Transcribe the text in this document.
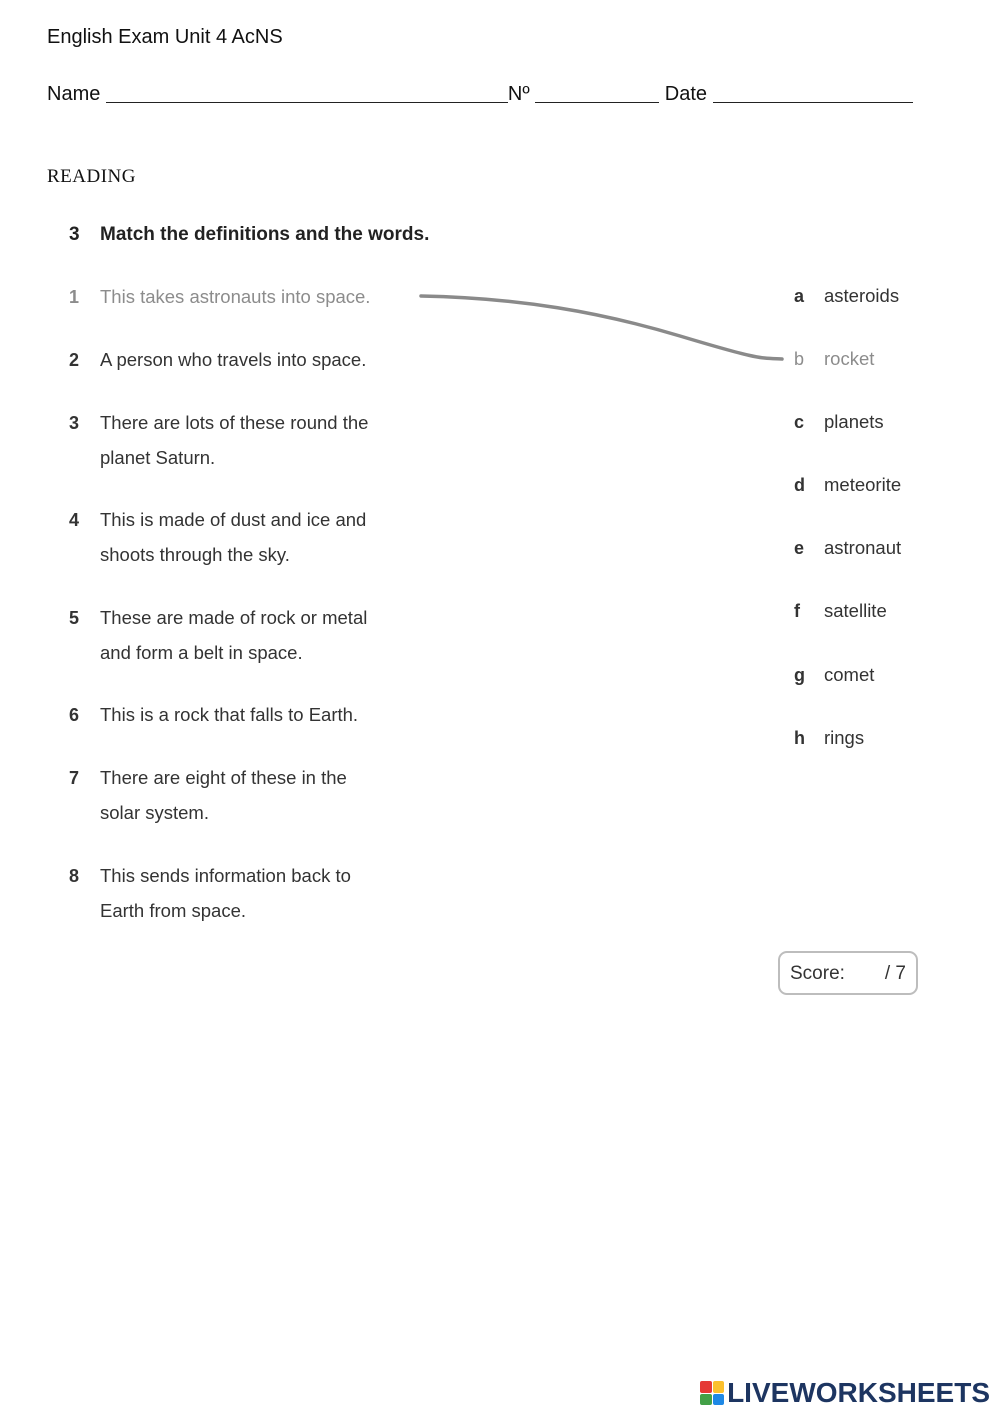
English Exam Unit 4 AcNS
Name	Nº	Date
READING
3 Match the definitions and the words.
1 This takes astronauts into space.
2 A person who travels into space.
3 There are lots of these round the
planet Saturn.
4 This is made of dust and ice and
shoots through the sky.
5 These are made of rock or metal
and form a belt in space.
6 This is a rock that falls to Earth.
7 There are eight of these in the
solar system.
8 This sends information back to
Earth from space.
a asteroids
b rocket
c planets
d meteorite
e astronaut
f satellite
g comet
h rings
Score: / 7
LIVEWORKSHEETS
